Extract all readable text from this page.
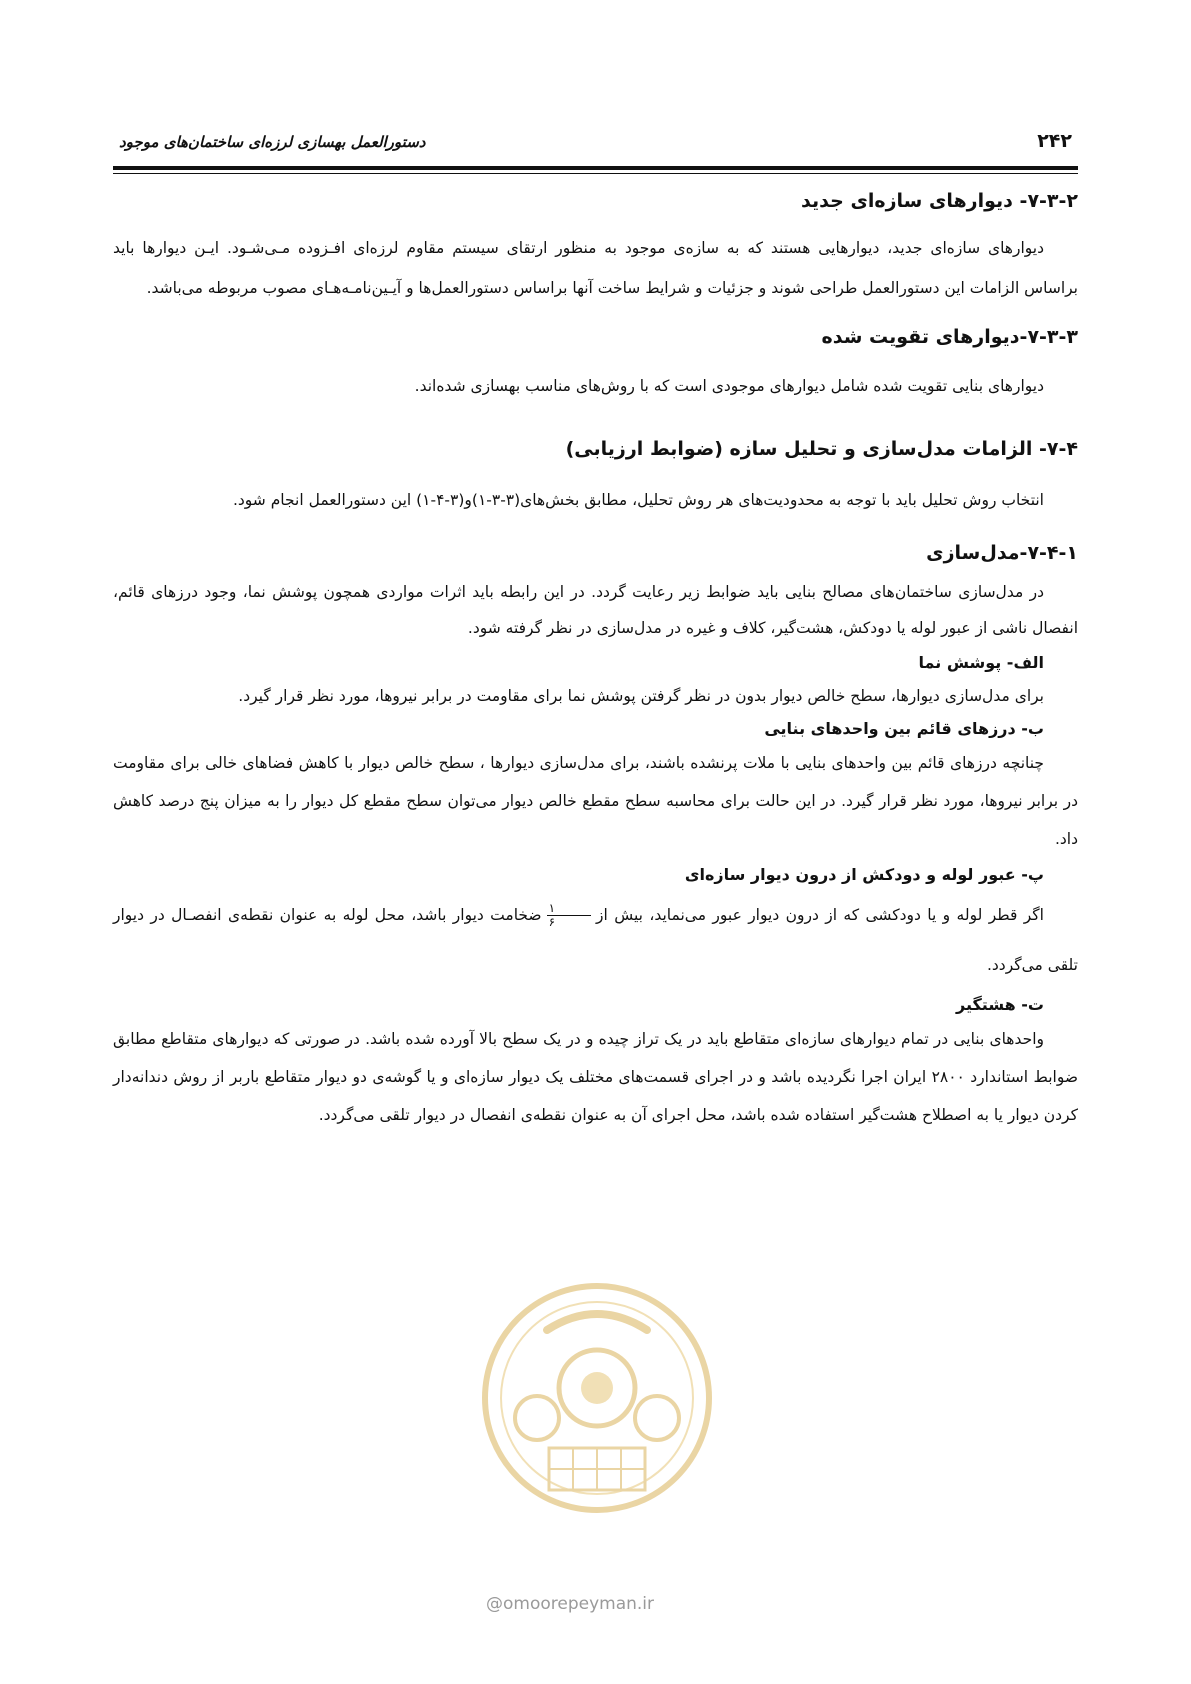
۲۴۲
دستورالعمل بهسازی لرزه‌ای ساختمان‌های موجود
۷-۳-۲- دیوارهای سازه‌ای جدید

دیوارهای سازه‌ای جدید، دیوارهایی هستند که به سازه‌ی موجود به منظور ارتقای سیستم مقاوم لرزه‌ای افـزوده مـی‌شـود. ایـن دیوارها باید براساس الزامات این دستورالعمل طراحی شوند و جزئیات و شرایط ساخت آنها براساس دستورالعمل‌ها و آیـین‌نامـه‌هـای مصوب مربوطه می‌باشد.

۷-۳-۳-دیوارهای تقویت شده

دیوارهای بنایی تقویت شده شامل دیوارهای موجودی است که با روش‌های مناسب بهسازی شده‌اند.

۷-۴- الزامات مدل‌سازی و تحلیل سازه (ضوابط ارزیابی)

انتخاب روش تحلیل باید با توجه به محدودیت‌های هر روش تحلیل، مطابق بخش‌های(۳-۳-۱)و(۳-۴-۱) این دستورالعمل انجام شود.

۷-۴-۱-مدل‌سازی

در مدل‌سازی ساختمان‌های مصالح بنایی باید ضوابط زیر رعایت گردد. در این رابطه باید اثرات مواردی همچون پوشش نما، وجود درزهای قائم، انفصال ناشی از عبور لوله یا دودکش، هشت‌گیر، کلاف و غیره در مدل‌سازی در نظر گرفته شود.

الف- پوشش نما

برای مدل‌سازی دیوارها، سطح خالص دیوار بدون در نظر گرفتن پوشش نما برای مقاومت در برابر نیروها، مورد نظر قرار گیرد.

ب- درزهای قائم بین واحدهای بنایی

چنانچه درزهای قائم بین واحدهای بنایی با ملات پرنشده باشند، برای مدل‌سازی دیوارها ، سطح خالص دیوار با کاهش فضاهای خالی برای مقاومت در برابر نیروها، مورد نظر قرار گیرد. در این حالت برای محاسبه سطح مقطع خالص دیوار می‌توان سطح مقطع کل دیوار را به میزان پنج درصد کاهش داد.

پ- عبور لوله و دودکش از درون دیوار سازه‌ای

اگر قطر لوله و یا دودکشی که از درون دیوار عبور می‌نماید، بیش از
$\frac{۱}{۶}$
ضخامت دیوار باشد، محل لوله به عنوان نقطه‌ی انفصـال در دیوار تلقی می‌گردد.

ت- هشتگیر

واحدهای بنایی در تمام دیوارهای سازه‌ای متقاطع باید در یک تراز چیده و در یک سطح بالا آورده شده باشد. در صورتی که دیوارهای متقاطع مطابق ضوابط استاندارد ۲۸۰۰ ایران اجرا نگردیده باشد و در اجرای قسمت‌های مختلف یک دیوار سازه‌ای و یا گوشه‌ی دو دیوار متقاطع باربر از روش دندانه‌دار کردن دیوار یا به اصطلاح هشت‌گیر استفاده شده باشد، محل اجرای آن به عنوان نقطه‌ی انفصال در دیوار تلقی می‌گردد.

@omoorepeyman.ir
